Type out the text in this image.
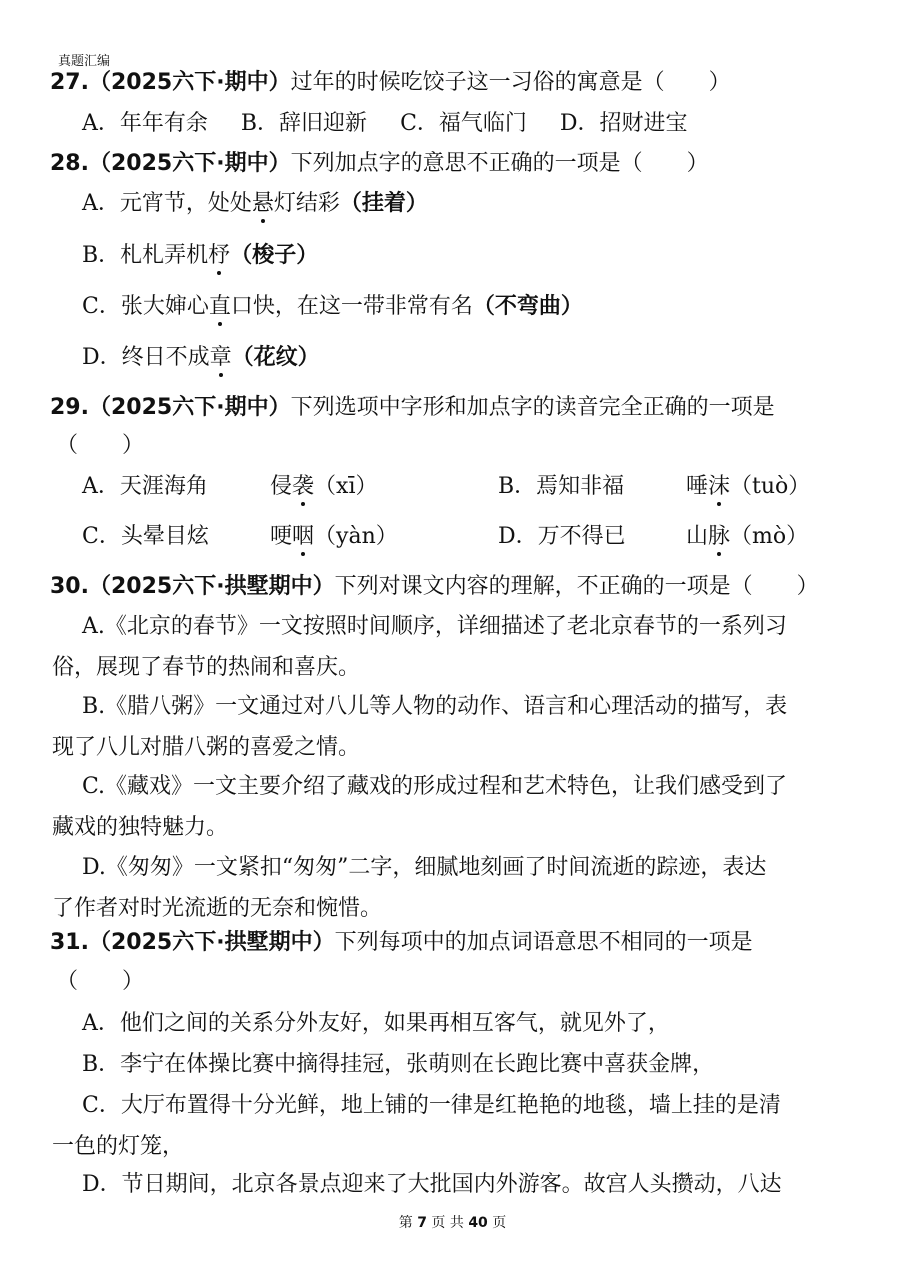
真题汇编
27.（2025六下·期中）过年的时候吃饺子这一习俗的寓意是（　　）
A．年年有余 B．辞旧迎新 C．福气临门 D．招财进宝
28.（2025六下·期中）下列加点字的意思不正确的一项是（　　）
A．元宵节，处处悬灯结彩（挂着）
B．札札弄机杼（梭子）
C．张大婶心直口快，在这一带非常有名（不弯曲）
D．终日不成章（花纹）
29.（2025六下·期中）下列选项中字形和加点字的读音完全正确的一项是
（　　）
A．天涯海角	侵袭（xī）	B．焉知非福	唾沫（tuò）
C．头晕目炫	哽咽（yàn）	D．万不得已	山脉（mò）
30.（2025六下·拱墅期中）下列对课文内容的理解，不正确的一项是（　　）
A.《北京的春节》一文按照时间顺序，详细描述了老北京春节的一系列习
俗，展现了春节的热闹和喜庆。
B.《腊八粥》一文通过对八儿等人物的动作、语言和心理活动的描写，表
现了八儿对腊八粥的喜爱之情。
C.《藏戏》一文主要介绍了藏戏的形成过程和艺术特色，让我们感受到了
藏戏的独特魅力。
D.《匆匆》一文紧扣“匆匆”二字，细腻地刻画了时间流逝的踪迹，表达
了作者对时光流逝的无奈和惋惜。
31.（2025六下·拱墅期中）下列每项中的加点词语意思不相同的一项是
（　　）
A．他们之间的关系分外友好，如果再相互客气，就见外了，
B．李宁在体操比赛中摘得挂冠，张萌则在长跑比赛中喜获金牌，
C．大厅布置得十分光鲜，地上铺的一律是红艳艳的地毯，墙上挂的是清
一色的灯笼，
D．节日期间，北京各景点迎来了大批国内外游客。故宫人头攒动，八达
第 7 页 共 40 页
